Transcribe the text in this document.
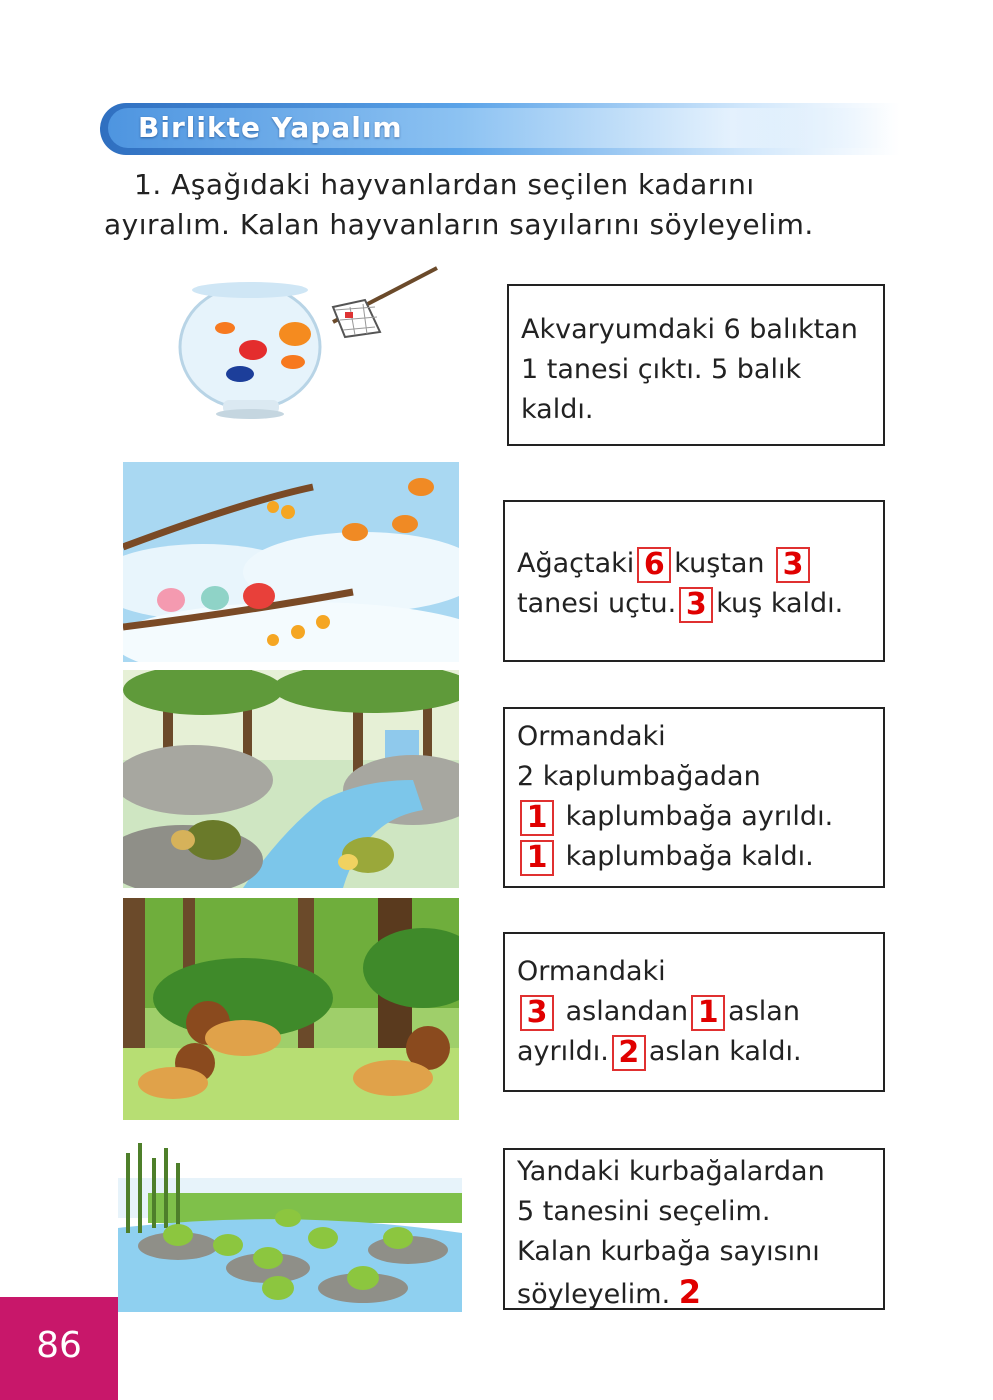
Birlikte Yapalım
1. Aşağıdaki hayvanlardan seçilen kadarını
ayıralım. Kalan hayvanların sayılarını söyleyelim.
Akvaryumdaki 6 balıktan
1 tanesi çıktı. 5 balık
kaldı.
Ağaçtaki 6 kuştan 3
tanesi uçtu. 3 kuş kaldı.
Ormandaki
2 kaplumbağadan
1 kaplumbağa ayrıldı.
1 kaplumbağa kaldı.
Ormandaki
3 aslandan 1 aslan
ayrıldı. 2 aslan kaldı.
Yandaki kurbağalardan
5 tanesini seçelim.
Kalan kurbağa sayısını
söyleyelim. 2
86
